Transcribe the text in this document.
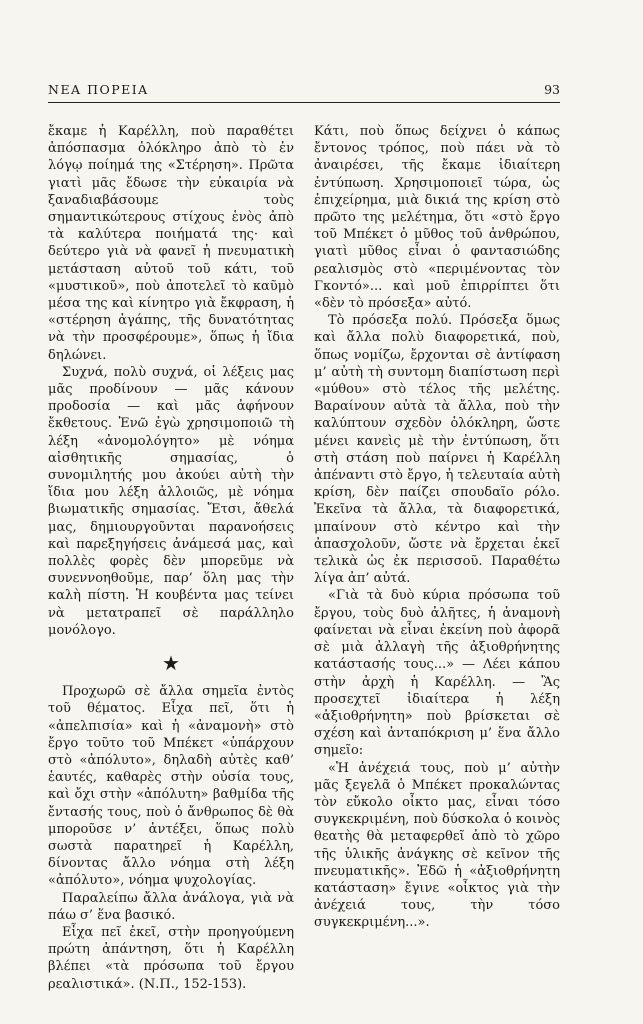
ΝΕΑ ΠΟΡΕΙΑ	93

ἔκαμε ἡ Καρέλλη, ποὺ παραθέτει ἀπόσπασμα ὁλόκληρο ἀπὸ τὸ ἐν λόγῳ ποίημά της «Στέρηση». Πρῶτα γιατὶ μᾶς ἔδωσε τὴν εὐκαιρία νὰ ξαναδιαβάσουμε τοὺς σημαντικώτερους στίχους ἑνὸς ἀπὸ τὰ καλύτερα ποιήματά της· καὶ δεύτερο γιὰ νὰ φανεῖ ἡ πνευματικὴ μετάσταση αὐτοῦ τοῦ κάτι, τοῦ «μυστικοῦ», ποὺ ἀποτελεῖ τὸ καῦμὸ μέσα της καὶ κίνητρο γιὰ ἔκφραση, ἡ «στέρηση ἀγάπης, τῆς δυνατότητας νὰ τὴν προσφέρουμε», ὅπως ἡ ἴδια δηλώνει.

Συχνά, πολὺ συχνά, οἱ λέξεις μας μᾶς προδίνουν — μᾶς κάνουν προδοσία — καὶ μᾶς ἀφήνουν ἔκθετους. Ἐνῶ ἐγὼ χρησιμοποιῶ τὴ λέξη «ἀνομολόγητο» μὲ νόημα αἰσθητικῆς σημασίας, ὁ συνομιλητής μου ἀκούει αὐτὴ τὴν ἴδια μου λέξη ἀλλοιῶς, μὲ νόημα βιωματικῆς σημασίας. Ἔτσι, ἄθελά μας, δημιουργοῦνται παρανοήσεις καὶ παρεξηγήσεις ἀνάμεσά μας, καὶ πολλὲς φορὲς δὲν μπορεῦμε νὰ συνεννοηθοῦμε, παρ’ ὅλη μας τὴν καλὴ πίστη. Ἡ κουβέντα μας τείνει νὰ μετατραπεῖ σὲ παράλληλο μονόλογο.

★

Προχωρῶ σὲ ἄλλα σημεῖα ἐντὸς τοῦ θέματος. Εἶχα πεῖ, ὅτι ἡ «ἀπελπισία» καὶ ἡ «ἀναμονὴ» στὸ ἔργο τοῦτο τοῦ Μπέκετ «ὑπάρχουν στὸ «ἀπόλυτο», δηλαδὴ αὐτὲς καθ’ ἑαυτές, καθαρὲς στὴν οὐσία τους, καὶ ὄχι στὴν «ἀπόλυτη» βαθμίδα τῆς ἔντασής τους, ποὺ ὁ ἄνθρωπος δὲ θὰ μποροῦσε ν’ ἀντέξει, ὅπως πολὺ σωστὰ παρατηρεῖ ἡ Καρέλλη, δίνοντας ἄλλο νόημα στὴ λέξη «ἀπόλυτο», νόημα ψυχολογίας.

Παραλείπω ἄλλα ἀνάλογα, γιὰ νὰ πάω σ’ ἕνα βασικό.

Εἶχα πεῖ ἐκεῖ, στὴν προηγούμενη πρώτη ἀπάντηση, ὅτι ἡ Καρέλλη βλέπει «τὰ πρόσωπα τοῦ ἔργου ρεαλιστικά». (Ν.Π., 152-153).

Κάτι, ποὺ ὅπως δείχνει ὁ κάπως ἔντονος τρόπος, ποὺ πάει νὰ τὸ ἀναιρέσει, τῆς ἔκαμε ἰδιαίτερη ἐντύπωση. Χρησιμοποιεῖ τώρα, ὡς ἐπιχείρημα, μιὰ δικιά της κρίση στὸ πρῶτο της μελέτημα, ὅτι «στὸ ἔργο τοῦ Μπέκετ ὁ μῦθος τοῦ ἀνθρώπου, γιατὶ μῦθος εἶναι ὁ φαντασιώδης ρεαλισμὸς στὸ «περιμένοντας τὸν Γκοντό»... καὶ μοῦ ἐπιρρίπτει ὅτι «δὲν τὸ πρόσεξα» αὐτό.

Τὸ πρόσεξα πολύ. Πρόσεξα ὅμως καὶ ἄλλα πολὺ διαφορετικά, ποὺ, ὅπως νομίζω, ἔρχονται σὲ ἀντίφαση μ’ αὐτὴ τὴ συντομη διαπίστωση περὶ «μύθου» στὸ τέλος τῆς μελέτης. Βαραίνουν αὐτὰ τὰ ἄλλα, ποὺ τὴν καλύπτουν σχεδὸν ὁλόκληρη, ὥστε μένει κανεὶς μὲ τὴν ἐντύπωση, ὅτι στὴ στάση ποὺ παίρνει ἡ Καρέλλη ἀπέναντι στὸ ἔργο, ἡ τελευταία αὐτὴ κρίση, δὲν παίζει σπουδαῖο ρόλο. Ἐκεῖνα τὰ ἄλλα, τὰ διαφορετικά, μπαίνουν στὸ κέντρο καὶ τὴν ἀπασχολοῦν, ὥστε νὰ ἔρχεται ἐκεῖ τελικὰ ὡς ἐκ περισσοῦ. Παραθέτω λίγα ἀπ’ αὐτά.

«Γιὰ τὰ δυὸ κύρια πρόσωπα τοῦ ἔργου, τοὺς δυὸ ἀλῆτες, ἡ ἀναμονὴ φαίνεται νὰ εἶναι ἐκείνη ποὺ ἀφορᾶ σὲ μιὰ ἀλλαγὴ τῆς ἀξιοθρήνητης κατάστασής τους...» — Λέει κάπου στὴν ἀρχὴ ἡ Καρέλλη. — Ἂς προσεχτεῖ ἰδιαίτερα ἡ λέξη «ἀξιοθρήνητη» ποὺ βρίσκεται σὲ σχέση καὶ ἀνταπόκριση μ’ ἕνα ἄλλο σημεῖο:

«Ἡ ἀνέχειά τους, ποὺ μ’ αὐτὴν μᾶς ξεγελᾶ ὁ Μπέκετ προκαλώντας τὸν εὔκολο οἶκτο μας, εἶναι τόσο συγκεκριμένη, ποὺ δύσκολα ὁ κοινὸς θεατὴς θὰ μεταφερθεῖ ἀπὸ τὸ χῶρο τῆς ὑλικῆς ἀνάγκης σὲ κεῖνον τῆς πνευματικῆς». Ἐδῶ ἡ «ἀξιοθρήνητη κατάσταση» ἔγινε «οἶκτος γιὰ τὴν ἀνέχειά τους, τὴν τόσο συγκεκριμένη...».
